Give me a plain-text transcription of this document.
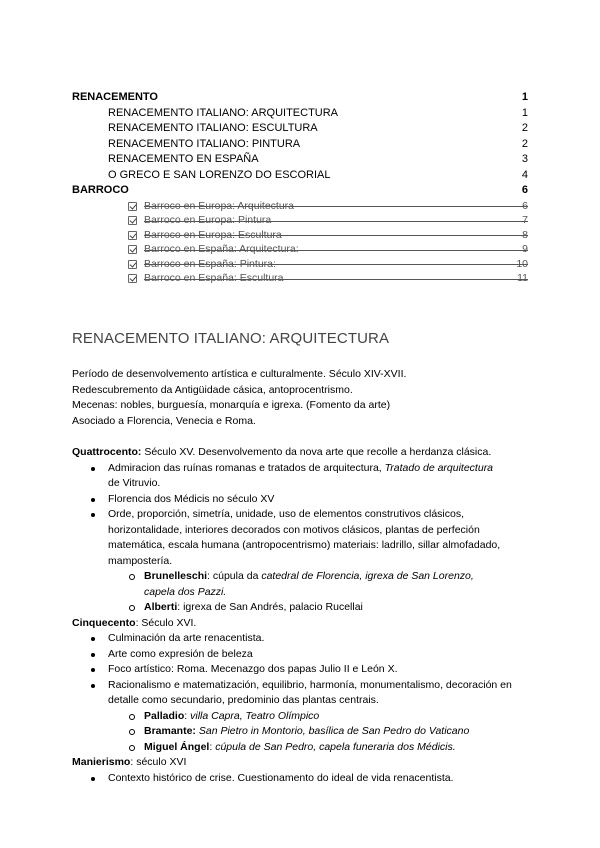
RENACEMENTO	1
RENACEMENTO ITALIANO: ARQUITECTURA	1
RENACEMENTO ITALIANO: ESCULTURA	2
RENACEMENTO ITALIANO: PINTURA	2
RENACEMENTO EN ESPAÑA	3
O GRECO E SAN LORENZO DO ESCORIAL	4
BARROCO	6
Barroco en Europa: Arquitectura	6
Barroco en Europa: Pintura	7
Barroco en Europa: Escultura	8
Barroco en España: Arquitectura:	9
Barroco en España: Pintura:	10
Barroco en España: Escultura	11
RENACEMENTO ITALIANO: ARQUITECTURA

Período de desenvolvemento artística e culturalmente. Século XIV-XVII.

Redescubremento da Antigüidade cásica, antoprocentrismo.

Mecenas: nobles, burguesía, monarquía e igrexa. (Fomento da arte)

Asociado a Florencia, Venecia e Roma.

Quattrocento: Século XV. Desenvolvemento da nova arte que recolle a herdanza clásica.

Admiracion das ruínas romanas e tratados de arquitectura, Tratado de arquitectura
de Vitruvio.
Florencia dos Médicis no século XV
Orde, proporción, simetría, unidade, uso de elementos construtivos clásicos, horizontalidade, interiores decorados con motivos clásicos, plantas de perfeción matemática, escala humana (antropocentrismo) materiais: ladrillo, sillar almofadado, mampostería.
Brunelleschi: cúpula da catedral de Florencia, igrexa de San Lorenzo,
capela dos Pazzi.
Alberti: igrexa de San Andrés, palacio Rucellai

Cinquecento: Século XVI.

Culminación da arte renacentista.
Arte como expresión de beleza
Foco artístico: Roma. Mecenazgo dos papas Julio II e León X.
Racionalismo e matematización, equilibrio, harmonía, monumentalismo, decoración en detalle como secundario, predominio das plantas centrais.
Palladio: villa Capra, Teatro Olímpico
Bramante: San Pietro in Montorio, basílica de San Pedro do Vaticano
Miguel Ángel: cúpula de San Pedro, capela funeraria dos Médicis.

Manierismo: século XVI

Contexto histórico de crise. Cuestionamento do ideal de vida renacentista.
